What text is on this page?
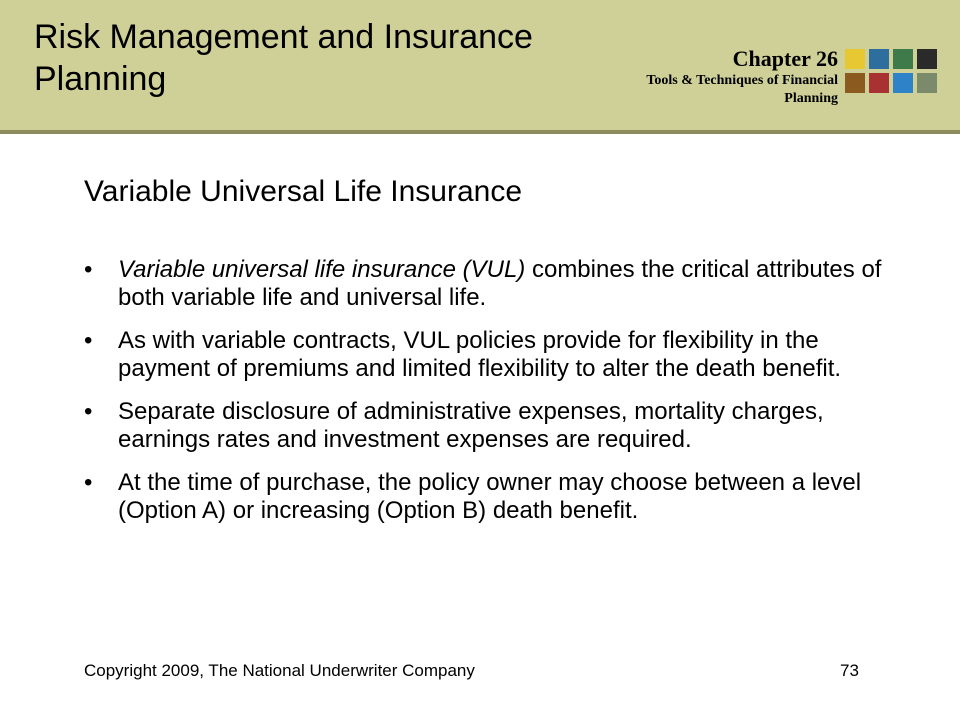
Risk Management and Insurance Planning
Chapter 26
Tools & Techniques of Financial Planning
Variable Universal Life Insurance
• Variable universal life insurance (VUL) combines the critical attributes of both variable life and universal life.
• As with variable contracts, VUL policies provide for flexibility in the payment of premiums and limited flexibility to alter the death benefit.
• Separate disclosure of administrative expenses, mortality charges, earnings rates and investment expenses are required.
• At the time of purchase, the policy owner may choose between a level (Option A) or increasing (Option B) death benefit.
Copyright 2009, The National Underwriter Company	73
